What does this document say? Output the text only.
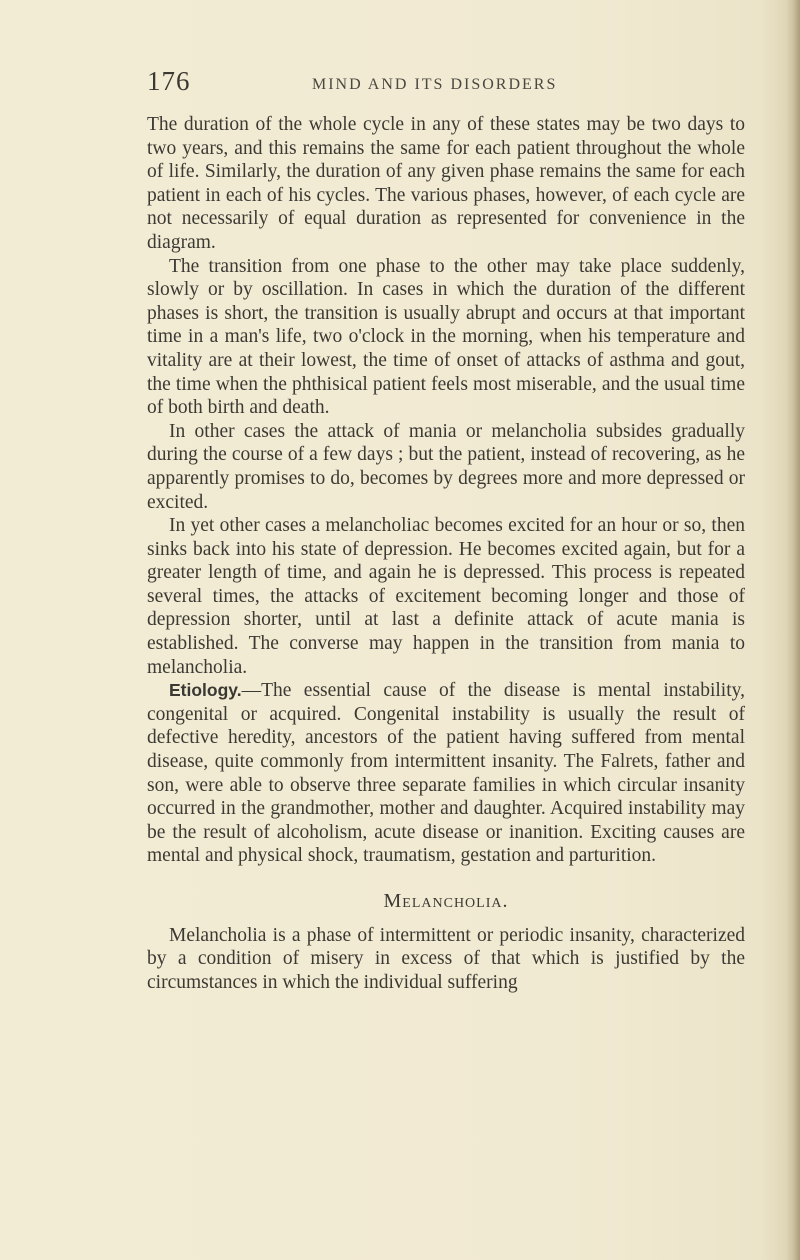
176	MIND AND ITS DISORDERS

The duration of the whole cycle in any of these states may be two days to two years, and this remains the same for each patient throughout the whole of life. Similarly, the duration of any given phase remains the same for each patient in each of his cycles. The various phases, however, of each cycle are not necessarily of equal duration as represented for convenience in the diagram.

The transition from one phase to the other may take place suddenly, slowly or by oscillation. In cases in which the duration of the different phases is short, the transition is usually abrupt and occurs at that important time in a man's life, two o'clock in the morning, when his temperature and vitality are at their lowest, the time of onset of attacks of asthma and gout, the time when the phthisical patient feels most miserable, and the usual time of both birth and death.

In other cases the attack of mania or melancholia subsides gradually during the course of a few days ; but the patient, instead of recovering, as he apparently promises to do, becomes by degrees more and more depressed or excited.

In yet other cases a melancholiac becomes excited for an hour or so, then sinks back into his state of depression. He becomes excited again, but for a greater length of time, and again he is depressed. This process is repeated several times, the attacks of excitement becoming longer and those of depression shorter, until at last a definite attack of acute mania is established. The converse may happen in the transition from mania to melancholia.

Etiology.—The essential cause of the disease is mental instability, congenital or acquired. Congenital instability is usually the result of defective heredity, ancestors of the patient having suffered from mental disease, quite commonly from intermittent insanity. The Falrets, father and son, were able to observe three separate families in which circular insanity occurred in the grandmother, mother and daughter. Acquired instability may be the result of alcoholism, acute disease or inanition. Exciting causes are mental and physical shock, traumatism, gestation and parturition.

Melancholia.

Melancholia is a phase of intermittent or periodic insanity, characterized by a condition of misery in excess of that which is justified by the circumstances in which the individual suffering
